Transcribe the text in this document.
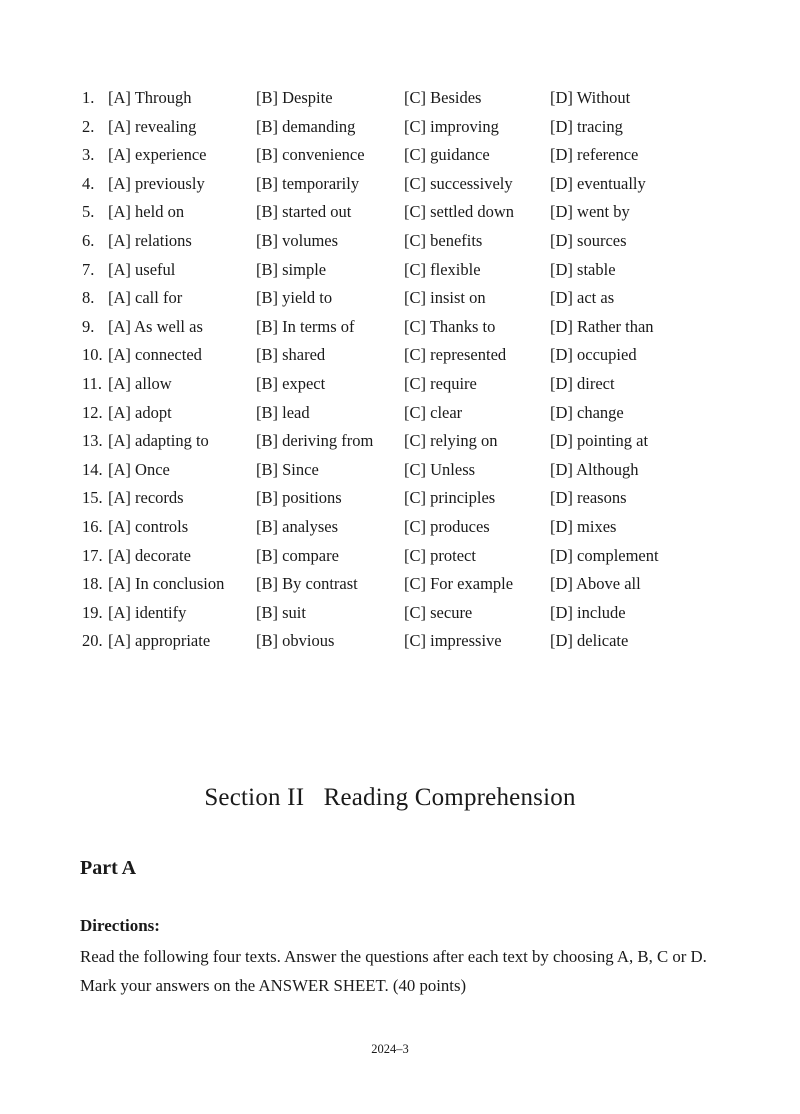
1. [A] Through	[B] Despite	[C] Besides	[D] Without
2. [A] revealing	[B] demanding	[C] improving	[D] tracing
3. [A] experience	[B] convenience [C] guidance	[D] reference
4. [A] previously	[B] temporarily	[C] successively [D] eventually
5. [A] held on	[B] started out	[C] settled down [D] went by
6. [A] relations	[B] volumes	[C] benefits	[D] sources
7. [A] useful	[B] simple	[C] flexible	[D] stable
8. [A] call for	[B] yield to	[C] insist on	[D] act as
9. [A] As well as	[B] In terms of	[C] Thanks to	[D] Rather than
10. [A] connected	[B] shared	[C] represented	[D] occupied
11. [A] allow	[B] expect	[C] require	[D] direct
12. [A] adopt	[B] lead	[C] clear	[D] change
13. [A] adapting to	[B] deriving from [C] relying on	[D] pointing at
14. [A] Once	[B] Since	[C] Unless	[D] Although
15. [A] records	[B] positions	[C] principles	[D] reasons
16. [A] controls	[B] analyses	[C] produces	[D] mixes
17. [A] decorate	[B] compare	[C] protect	[D] complement
18. [A] In conclusion [B] By contrast	[C] For example [D] Above all
19. [A] identify	[B] suit	[C] secure	[D] include
20. [A] appropriate	[B] obvious	[C] impressive	[D] delicate
Section II   Reading Comprehension
Part A
Directions:
Read the following four texts. Answer the questions after each text by choosing A, B, C or D. Mark your answers on the ANSWER SHEET. (40 points)
2024–3
